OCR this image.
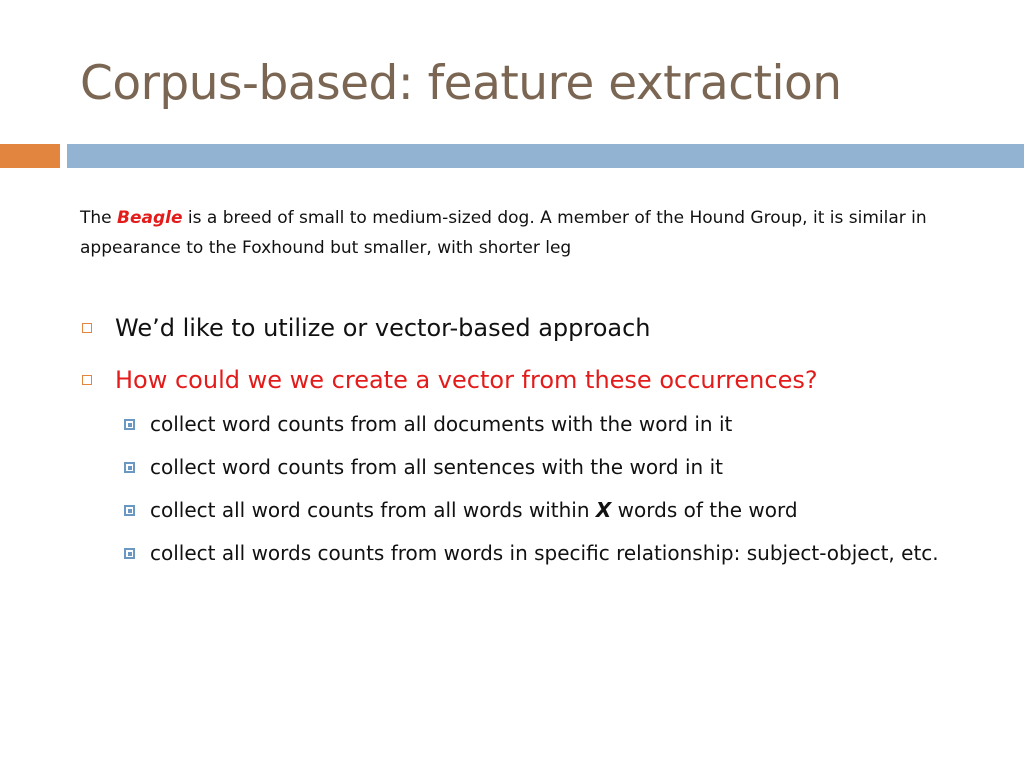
Corpus-based: feature extraction
The Beagle is a breed of small to medium-sized dog. A member of the Hound Group, it is similar in appearance to the Foxhound but smaller, with shorter leg
We’d like to utilize or vector-based approach
How could we we create a vector from these occurrences?
collect word counts from all documents with the word in it
collect word counts from all sentences with the word in it
collect all word counts from all words within X words of the word
collect all words counts from words in specific relationship: subject-object, etc.
